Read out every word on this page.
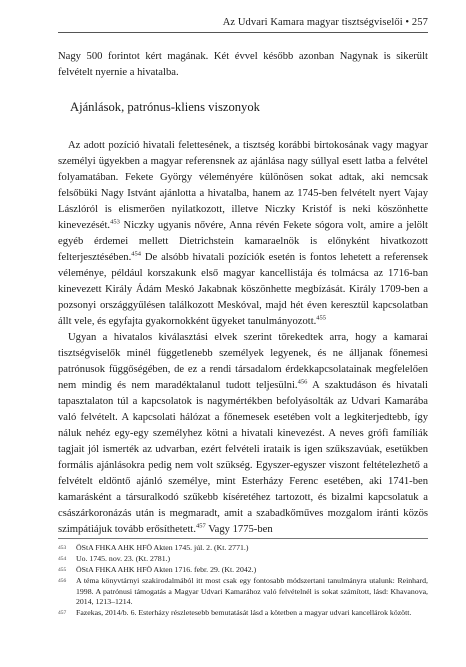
Az Udvari Kamara magyar tisztségviselői • 257

Nagy 500 forintot kért magának. Két évvel később azonban Nagynak is sikerült felvételt nyernie a hivatalba.

Ajánlások, patrónus-kliens viszonyok

Az adott pozíció hivatali felettesének, a tisztség korábbi birtokosának vagy magyar személyi ügyekben a magyar referensnek az ajánlása nagy súllyal esett latba a felvétel folyamatában. Fekete György véleményére különösen sokat adtak, aki nemcsak felsőbüki Nagy Istvánt ajánlotta a hivatalba, hanem az 1745-ben felvételt nyert Vajay Lászlóról is elismerően nyilatkozott, illetve Niczky Kristóf is neki köszönhette kinevezését.$^{453}$ Niczky ugyanis nővére, Anna révén Fekete sógora volt, amire a jelölt egyéb érdemei mellett Dietrichstein kamaraelnök is előnyként hivatkozott felterjesztésében.$^{454}$ De alsóbb hivatali pozíciók esetén is fontos lehetett a referensek véleménye, például korszakunk első magyar kancellistája és tolmácsa az 1716-ban kinevezett Király Ádám Meskó Jakabnak köszönhette megbízását. Király 1709-ben a pozsonyi országgyűlésen találkozott Meskóval, majd hét éven keresztül kapcsolatban állt vele, és egyfajta gyakornokként ügyeket tanulmányozott.$^{455}$

Ugyan a hivatalos kiválasztási elvek szerint törekedtek arra, hogy a kamarai tisztségviselők minél függetlenebb személyek legyenek, és ne álljanak főnemesi patrónusok függőségében, de ez a rendi társadalom érdekkapcsolatainak megfelelően nem mindig és nem maradéktalanul tudott teljesülni.$^{456}$ A szaktudáson és hivatali tapasztalaton túl a kapcsolatok is nagymértékben befolyásolták az Udvari Kamarába való felvételt. A kapcsolati hálózat a főnemesek esetében volt a legkiterjedtebb, így náluk nehéz egy-egy személyhez kötni a hivatali kinevezést. A neves grófi famíliák tagjait jól ismerték az udvarban, ezért felvételi irataik is igen szűkszavúak, esetükben formális ajánlásokra pedig nem volt szükség. Egyszer-egyszer viszont feltételezhető a felvételt eldöntő ajánló személye, mint Esterházy Ferenc esetében, aki 1741-ben kamarásként a társuralkodó szűkebb kíséretéhez tartozott, és bizalmi kapcsolatuk a császárkoronázás után is megmaradt, amit a szabadkőműves mozgalom iránti közös szimpátiájuk tovább erősíthetett.$^{457}$ Vagy 1775-ben

453 ÖStA FHKA AHK HFÖ Akten 1745. júl. 2. (Kt. 2771.)
454 Uo. 1745. nov. 23. (Kt. 2781.)
455 ÖStA FHKA AHK HFÖ Akten 1716. febr. 29. (Kt. 2042.)
456 A téma könyvtárnyi szakirodalmából itt most csak egy fontosabb módszertani tanulmányra utalunk: Reinhard, 1998. A patrónusi támogatás a Magyar Udvari Kamarához való felvételnél is sokat számított, lásd: Khavanova, 2014, 1213–1214.
457 Fazekas, 2014/b. 6. Esterházy részletesebb bemutatását lásd a kötetben a magyar udvari kancellárok között.
